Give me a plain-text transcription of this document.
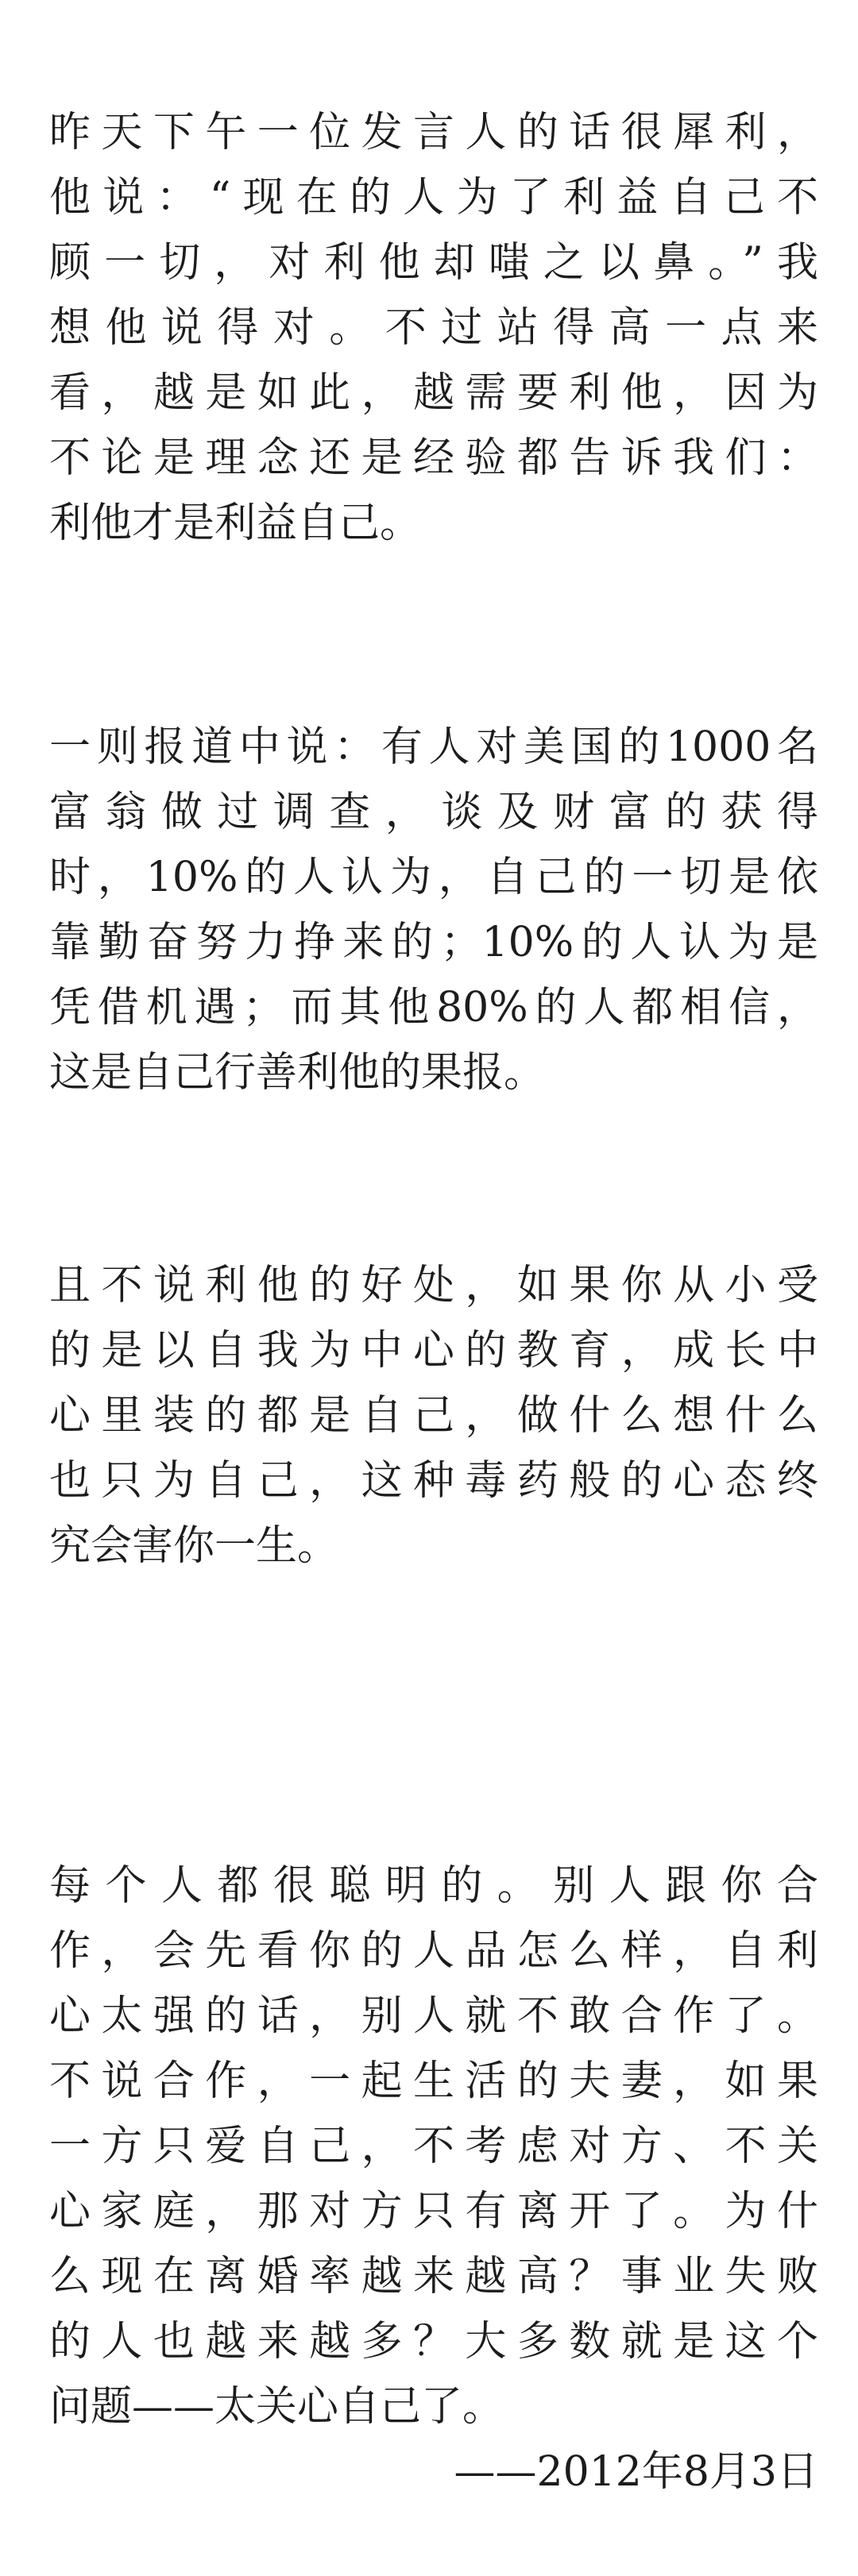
昨天下午一位发言人的话很犀利，
他说：“现在的人为了利益自己不
顾一切，对利他却嗤之以鼻。”我
想他说得对。不过站得高一点来
看，越是如此，越需要利他，因为
不论是理念还是经验都告诉我们：
利他才是利益自己。
一则报道中说：有人对美国的1000名
富翁做过调查，谈及财富的获得
时，10%的人认为，自己的一切是依
靠勤奋努力挣来的；10%的人认为是
凭借机遇；而其他80%的人都相信，
这是自己行善利他的果报。
且不说利他的好处，如果你从小受
的是以自我为中心的教育，成长中
心里装的都是自己，做什么想什么
也只为自己，这种毒药般的心态终
究会害你一生。
每个人都很聪明的。别人跟你合
作，会先看你的人品怎么样，自利
心太强的话，别人就不敢合作了。
不说合作，一起生活的夫妻，如果
一方只爱自己，不考虑对方、不关
心家庭，那对方只有离开了。为什
么现在离婚率越来越高？事业失败
的人也越来越多？大多数就是这个
问题——太关心自己了。
——2012年8月3日
